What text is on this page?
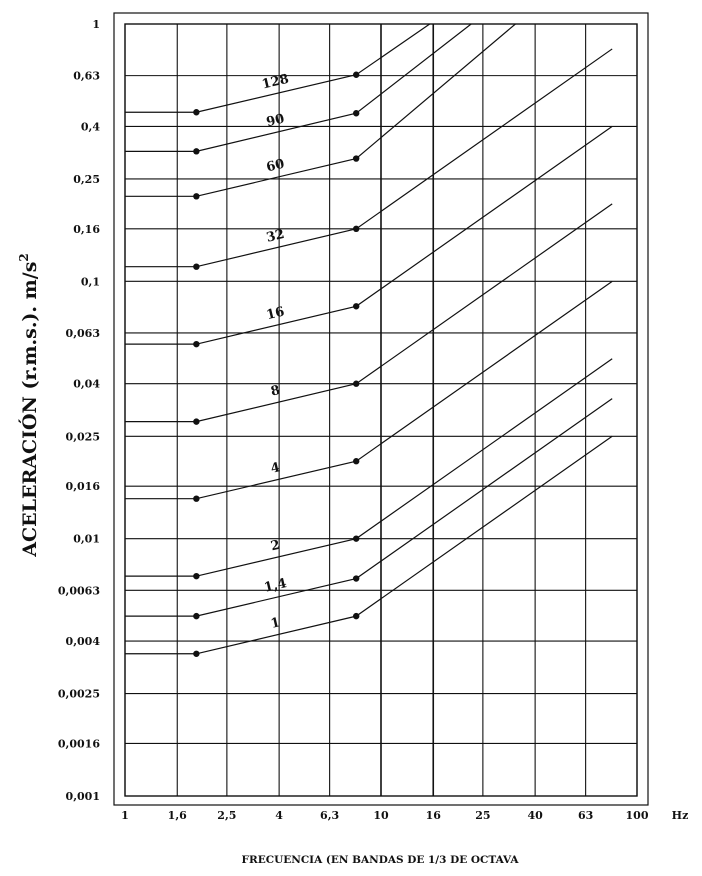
128
90
60
32
16
8
4
2
1,4
1
1
0,63
0,4
0,25
0,16
0,1
0,063
0,04
0,025
0,016
0,01
0,0063
0,004
0,0025
0,0016
0,001
1	1,6	2,5	4	6,3	10	16	25	40	63	100 Hz
FRECUENCIA (EN BANDAS DE 1/3 DE OCTAVA
ACELERACIÓN (r.m.s.). $m/s^2$
